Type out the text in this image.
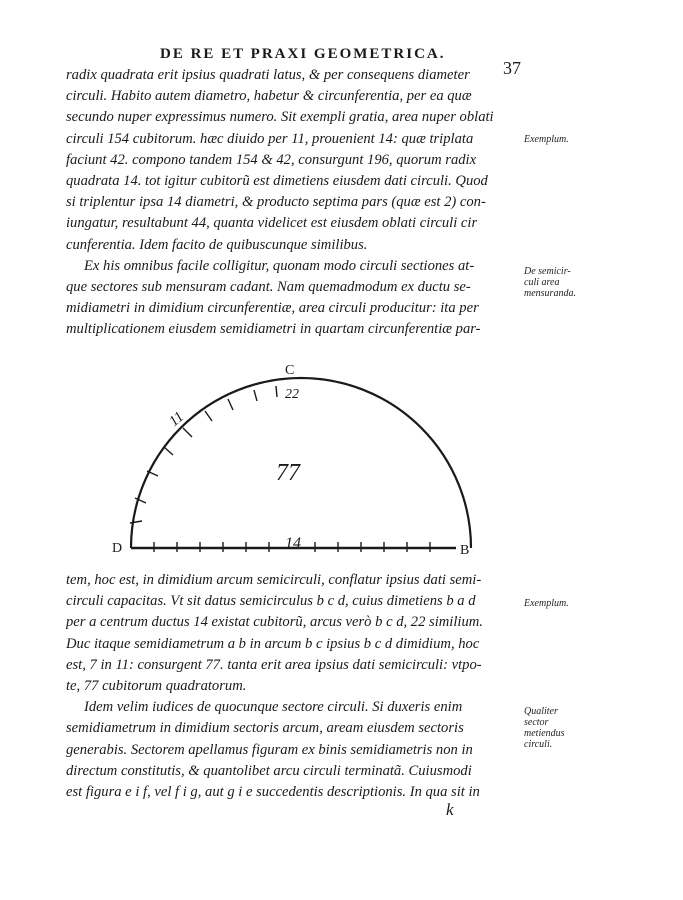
DE RE ET PRAXI GEOMETRICA.
37
radix quadrata erit ipsius quadrati latus, & per consequens diameter
circuli. Habito autem diametro, habetur & circunferentia, per ea quæ
secundo nuper expressimus numero. Sit exempli gratia, area nuper oblati
circuli 154 cubitorum. hæc diuido per 11, prouenient 14: quæ triplata
faciunt 42. compono tandem 154 & 42, consurgunt 196, quorum radix
quadrata 14. tot igitur cubitorũ est dimetiens eiusdem dati circuli. Quod
si triplentur ipsa 14 diametri, & producto septima pars (quæ est 2) con-
iungatur, resultabunt 44, quanta videlicet est eiusdem oblati circuli cir
cunferentia. Idem facito de quibuscunque similibus.
Ex his omnibus facile colligitur, quonam modo circuli sectiones at-
que sectores sub mensuram cadant. Nam quemadmodum ex ductu se-
midiametri in dimidium circunferentiæ, area circuli producitur: ita per
multiplicationem eiusdem semidiametri in quartam circunferentiæ par-
Exemplum.
De semicir-culi area mensuranda.
Exemplum.
Qualiter sector metiendus circuli.
C
22
11
77
14
D	B
tem, hoc est, in dimidium arcum semicirculi, conflatur ipsius dati semi-
circuli capacitas. Vt sit datus semicirculus b c d, cuius dimetiens b a d
per a centrum ductus 14 existat cubitorũ, arcus verò b c d, 22 similium.
Duc itaque semidiametrum a b in arcum b c ipsius b c d dimidium, hoc
est, 7 in 11: consurgent 77. tanta erit area ipsius dati semicirculi: vtpo-
te, 77 cubitorum quadratorum.
Idem velim iudices de quocunque sectore circuli. Si duxeris enim
semidiametrum in dimidium sectoris arcum, aream eiusdem sectoris
generabis. Sectorem apellamus figuram ex binis semidiametris non in
directum constitutis, & quantolibet arcu circuli terminatã. Cuiusmodi
est figura e i f, vel f i g, aut g i e succedentis descriptionis. In qua sit in
k
